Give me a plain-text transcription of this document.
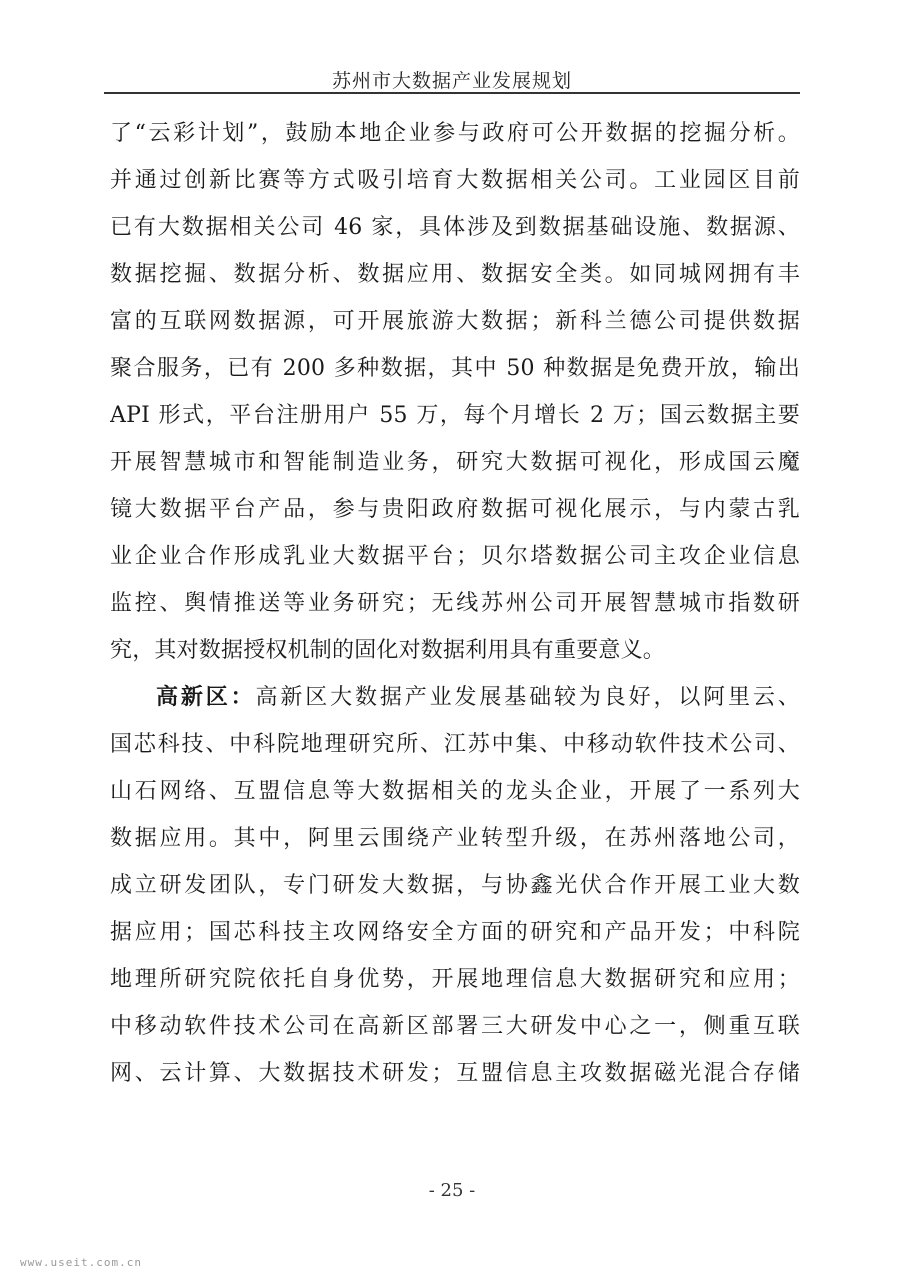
苏州市大数据产业发展规划
了“云彩计划”，鼓励本地企业参与政府可公开数据的挖掘分析。
并通过创新比赛等方式吸引培育大数据相关公司。工业园区目前
已有大数据相关公司 46 家，具体涉及到数据基础设施、数据源、
数据挖掘、数据分析、数据应用、数据安全类。如同城网拥有丰
富的互联网数据源，可开展旅游大数据；新科兰德公司提供数据
聚合服务，已有 200 多种数据，其中 50 种数据是免费开放，输出
API 形式，平台注册用户 55 万，每个月增长 2 万；国云数据主要
开展智慧城市和智能制造业务，研究大数据可视化，形成国云魔
镜大数据平台产品，参与贵阳政府数据可视化展示，与内蒙古乳
业企业合作形成乳业大数据平台；贝尔塔数据公司主攻企业信息
监控、舆情推送等业务研究；无线苏州公司开展智慧城市指数研
究，其对数据授权机制的固化对数据利用具有重要意义。
高新区：高新区大数据产业发展基础较为良好，以阿里云、
国芯科技、中科院地理研究所、江苏中集、中移动软件技术公司、
山石网络、互盟信息等大数据相关的龙头企业，开展了一系列大
数据应用。其中，阿里云围绕产业转型升级，在苏州落地公司，
成立研发团队，专门研发大数据，与协鑫光伏合作开展工业大数
据应用；国芯科技主攻网络安全方面的研究和产品开发；中科院
地理所研究院依托自身优势，开展地理信息大数据研究和应用；
中移动软件技术公司在高新区部署三大研发中心之一，侧重互联
网、云计算、大数据技术研发；互盟信息主攻数据磁光混合存储
- 25 -
www.useit.com.cn
